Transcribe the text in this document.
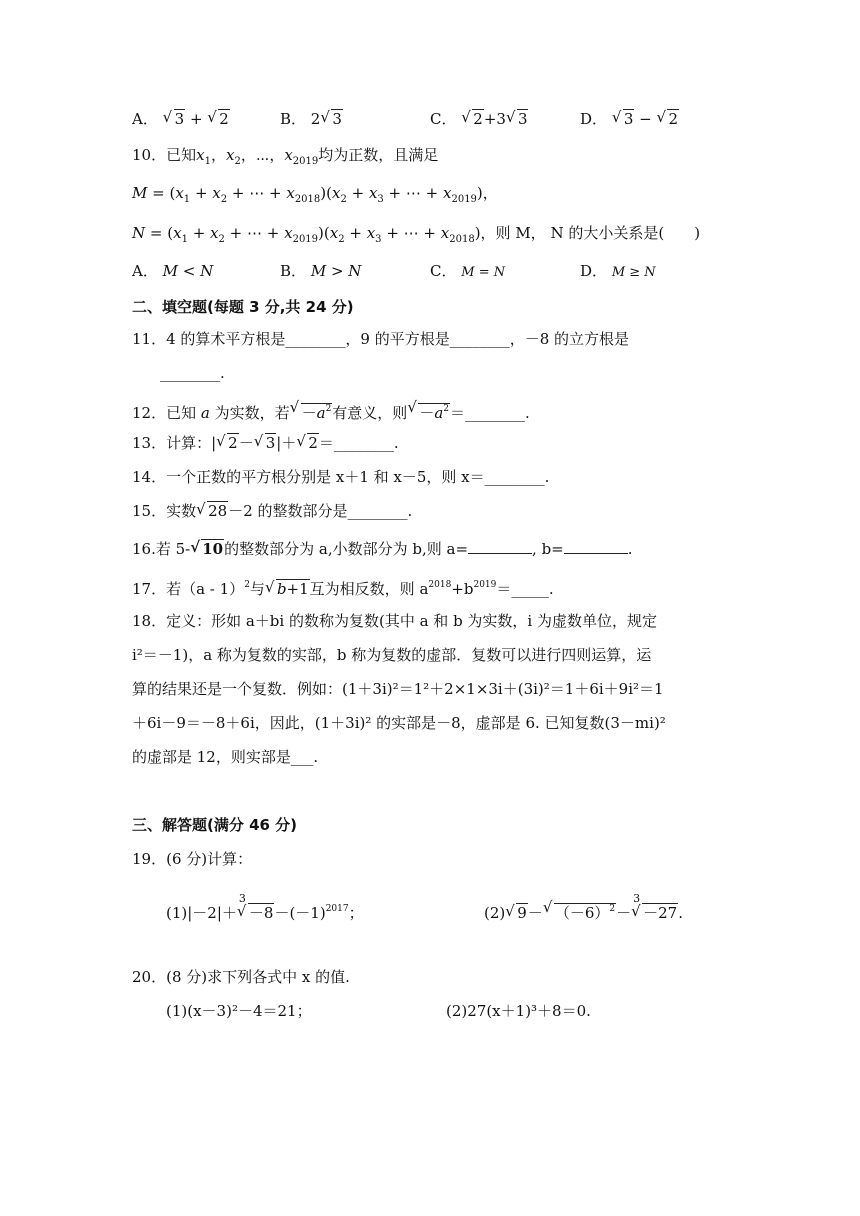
A． √ 3 + √ 2	B． 2 √ 3	C． √ 2+3 √ 3	D． √ 3 − √ 2
10．已知$x_1$，$x_2$，⋯，$x_{2019}$均为正数，且满足
$M = (x_1 + x_2$ + ⋯ + $x_{2018})(x_2 + x_3$ + ⋯ + $x_{2019}$)，
$N = (x_1 + x_2$ + ⋯ + $x_{2019})(x_2 + x_3$ + ⋯ + $x_{2018}$)，则 M， N 的大小关系是(　　)
A． M < N	B． M > N	C． M = N	D． M ≥ N
二、填空题(每题 3 分,共 24 分)
11．4 的算术平方根是________，9 的平方根是________，－8 的立方根是
________.
12．已知 a 为实数，若 √ $-a^2$有意义，则 √ $-a^2=\_\_\_\_\_\_\_\_$.
13．计算：| √ 2－ √ 3|＋ √ 2＝________.
14．一个正数的平方根分别是 x＋1 和 x－5，则 x＝________.
15．实数 √ 28－2 的整数部分是________.
16.若 5- √ 10的整数部分为 a,小数部分为 b,则 a=	, b=	.
17．若（a - 1）$^2$与 √ b+1互为相反数，则 $a^{2018}+b^{2019}=\_\_\_\_\_$.
18．定义：形如 a＋bi 的数称为复数(其中 a 和 b 为实数，i 为虚数单位，规定
i²＝－1)，a 称为复数的实部，b 称为复数的虚部．复数可以进行四则运算，运
算的结果还是一个复数．例如：(1＋3i)²＝1²＋2×1×3i＋(3i)²＝1＋6i＋9i²＝1
＋6i－9＝－8＋6i，因此，(1＋3i)² 的实部是－8，虚部是 6. 已知复数(3－mi)²
的虚部是 12，则实部是___.
三、解答题(满分 46 分)
19．(6 分)计算：
(1)|－2|＋
3
√ $-8-(-1)^{2017}$；	(2) √ 9－ √ $(-6)^2-$
3
√ －27.
20．(8 分)求下列各式中 x 的值.
(1)(x－3)²－4＝21；	(2)27(x＋1)³＋8＝0.
